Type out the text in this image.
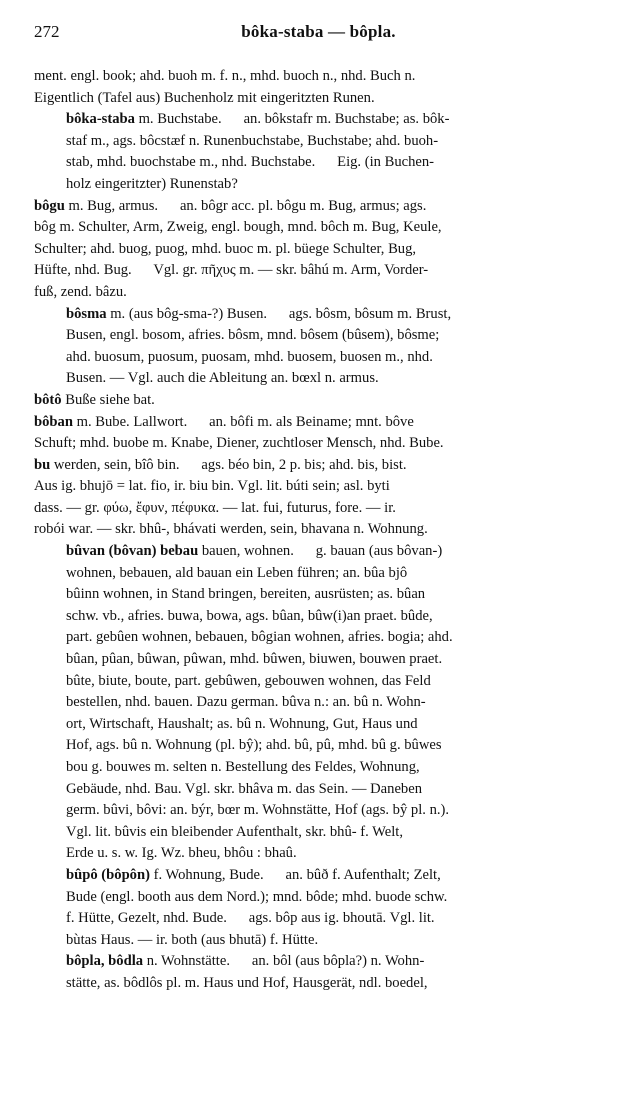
272	bôka-staba — bôpla.
ment. engl. book; ahd. buoh m. f. n., mhd. buoch n., nhd. Buch n.
Eigentlich (Tafel aus) Buchenholz mit eingeritzten Runen.
bôka-staba m. Buchstabe.      an. bôkstafr m. Buchstabe; as. bôk-
staf m., ags. bôcstæf n. Runenbuchstabe, Buchstabe; ahd. buoh-
stab, mhd. buochstabe m., nhd. Buchstabe.      Eig. (in Buchen-
holz eingeritzter) Runenstab?
bôgu m. Bug, armus.      an. bôgr acc. pl. bôgu m. Bug, armus; ags.
bôg m. Schulter, Arm, Zweig, engl. bough, mnd. bôch m. Bug, Keule,
Schulter; ahd. buog, puog, mhd. buoc m. pl. büege Schulter, Bug,
Hüfte, nhd. Bug.      Vgl. gr. πῆχυς m. — skr. bâhú m. Arm, Vorder-
fuß, zend. bâzu.
bôsma m. (aus bôg-sma-?) Busen.      ags. bôsm, bôsum m. Brust,
Busen, engl. bosom, afries. bôsm, mnd. bôsem (bûsem), bôsme;
ahd. buosum, puosum, puosam, mhd. buosem, buosen m., nhd.
Busen. — Vgl. auch die Ableitung an. bœxl n. armus.
bôtô Buße siehe bat.
bôban m. Bube. Lallwort.      an. bôfi m. als Beiname; mnt. bôve
Schuft; mhd. buobe m. Knabe, Diener, zuchtloser Mensch, nhd. Bube.
bu werden, sein, bîô bin.      ags. béo bin, 2 p. bis; ahd. bis, bist.
Aus ig. bhujō = lat. fio, ir. biu bin. Vgl. lit. búti sein; asl. byti
dass. — gr. φύω, ἔφυν, πέφυκα. — lat. fui, futurus, fore. — ir.
robói war. — skr. bhû-, bhávati werden, sein, bhavana n. Wohnung.
bûvan (bôvan) bebau bauen, wohnen.      g. bauan (aus bôvan-)
wohnen, bebauen, ald bauan ein Leben führen; an. bûa bjô
bûinn wohnen, in Stand bringen, bereiten, ausrüsten; as. bûan
schw. vb., afries. buwa, bowa, ags. bûan, bûw(i)an praet. bûde,
part. gebûen wohnen, bebauen, bôgian wohnen, afries. bogia; ahd.
bûan, pûan, bûwan, pûwan, mhd. bûwen, biuwen, bouwen praet.
bûte, biute, boute, part. gebûwen, gebouwen wohnen, das Feld
bestellen, nhd. bauen. Dazu german. bûva n.: an. bû n. Wohn-
ort, Wirtschaft, Haushalt; as. bû n. Wohnung, Gut, Haus und
Hof, ags. bû n. Wohnung (pl. bŷ); ahd. bû, pû, mhd. bû g. bûwes
bou g. bouwes m. selten n. Bestellung des Feldes, Wohnung,
Gebäude, nhd. Bau. Vgl. skr. bhâva m. das Sein. — Daneben
germ. bûvi, bôvi: an. býr, bœr m. Wohnstätte, Hof (ags. bŷ pl. n.).
Vgl. lit. bûvis ein bleibender Aufenthalt, skr. bhû- f. Welt,
Erde u. s. w. Ig. Wz. bheu, bhôu : bhaû.
bûpô (bôpôn) f. Wohnung, Bude.      an. bûð f. Aufenthalt; Zelt,
Bude (engl. booth aus dem Nord.); mnd. bôde; mhd. buode schw.
f. Hütte, Gezelt, nhd. Bude.      ags. bôp aus ig. bhoutā. Vgl. lit.
bùtas Haus. — ir. both (aus bhutā) f. Hütte.
bôpla, bôdla n. Wohnstätte.      an. bôl (aus bôpla?) n. Wohn-
stätte, as. bôdlôs pl. m. Haus und Hof, Hausgerät, ndl. boedel,
